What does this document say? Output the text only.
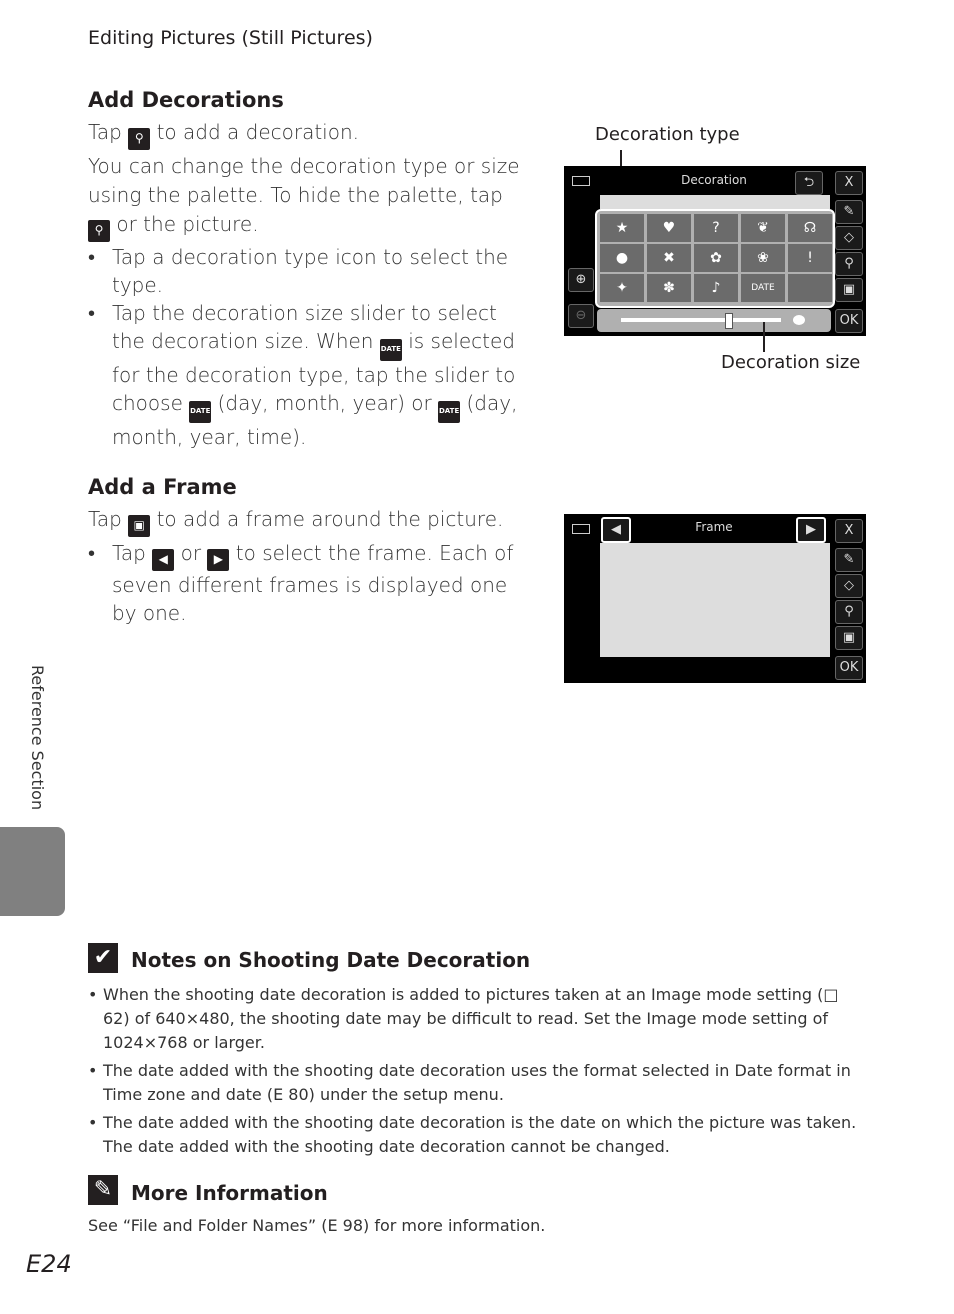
Editing Pictures (Still Pictures)
Add Decorations
Tap ⚲ to add a decoration.
You can change the decoration type or size using the palette. To hide the palette, tap ⚲ or the picture.
• Tap a decoration type icon to select the type.
• Tap the decoration size slider to select the decoration size. When DATE is selected for the decoration type, tap the slider to choose DATE (day, month, year) or DATE (day, month, year, time).
Decoration type
Decoration	⮌	X
★	♥	?	❦	☊
●	✖	✿	❀	!
✦	✽	♪	DATE
⊕
⊖
✎
◇
⚲
▣
OK
Decoration size
Add a Frame
Tap ▣ to add a frame around the picture.
• Tap ◀ or ▶ to select the frame. Each of seven different frames is displayed one by one.
◀	Frame	▶	X
✎
◇
⚲
▣
OK
Reference Section
✔ Notes on Shooting Date Decoration
• When the shooting date decoration is added to pictures taken at an Image mode setting (□ 62) of 640×480, the shooting date may be difficult to read. Set the Image mode setting of 1024×768 or larger.
• The date added with the shooting date decoration uses the format selected in Date format in Time zone and date (E 80) under the setup menu.
• The date added with the shooting date decoration is the date on which the picture was taken. The date added with the shooting date decoration cannot be changed.
✎ More Information
See “File and Folder Names” (E 98) for more information.
E24
